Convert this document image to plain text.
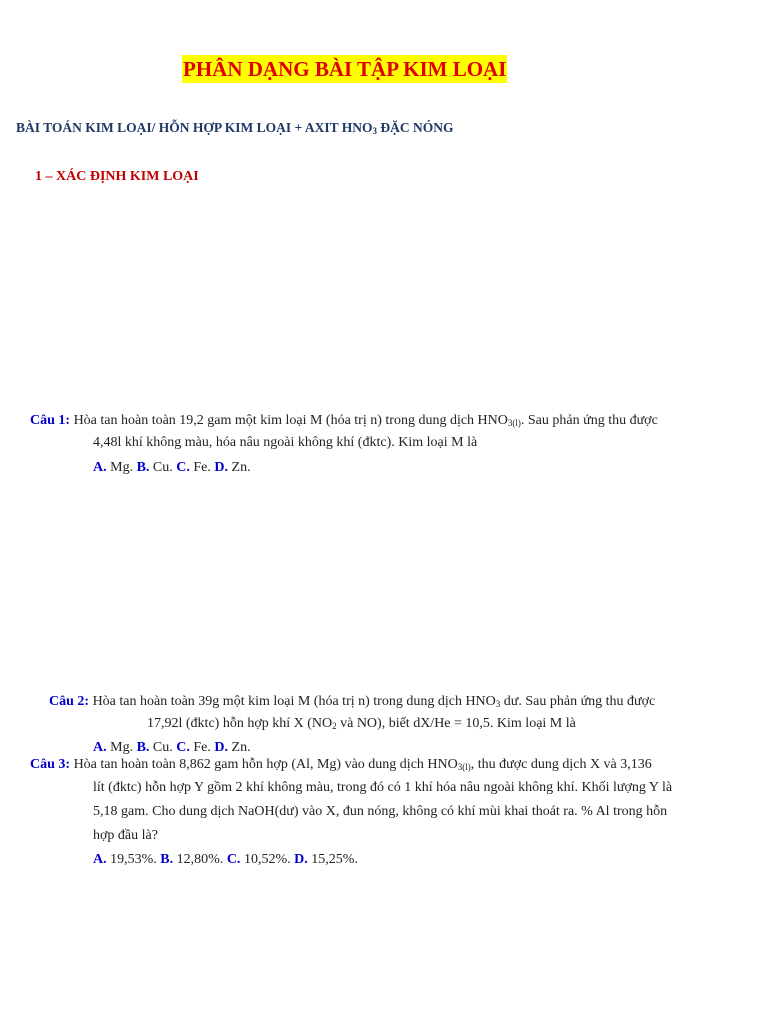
PHÂN DẠNG BÀI TẬP KIM LOẠI
BÀI TOÁN KIM LOẠI/ HỖN HỢP KIM LOẠI + AXIT $HNO_3$ ĐẶC NÓNG
1 – XÁC ĐỊNH KIM LOẠI
Câu 1: Hòa tan hoàn toàn 19,2 gam một kim loại M (hóa trị n) trong dung dịch $HNO_{3(l)}$. Sau phản ứng thu được
4,48l khí không màu, hóa nâu ngoài không khí (đktc). Kim loại M là
A. Mg. B. Cu. C. Fe. D. Zn.
Câu 2: Hòa tan hoàn toàn 39g một kim loại M (hóa trị n) trong dung dịch $HNO_3$ dư. Sau phản ứng thu được
17,92l (đktc) hỗn hợp khí X ($NO_2$ và NO), biết dX/He = 10,5. Kim loại M là
A. Mg. B. Cu. C. Fe. D. Zn.
Câu 3: Hòa tan hoàn toàn 8,862 gam hỗn hợp (Al, Mg) vào dung dịch $HNO_{3(l)}$, thu được dung dịch X và 3,136
lít (đktc) hỗn hợp Y gồm 2 khí không màu, trong đó có 1 khí hóa nâu ngoài không khí. Khối lượng Y là
5,18 gam. Cho dung dịch NaOH(dư) vào X, đun nóng, không có khí mùi khai thoát ra. % Al trong hỗn
hợp đầu là?
A. 19,53%. B. 12,80%. C. 10,52%. D. 15,25%.
